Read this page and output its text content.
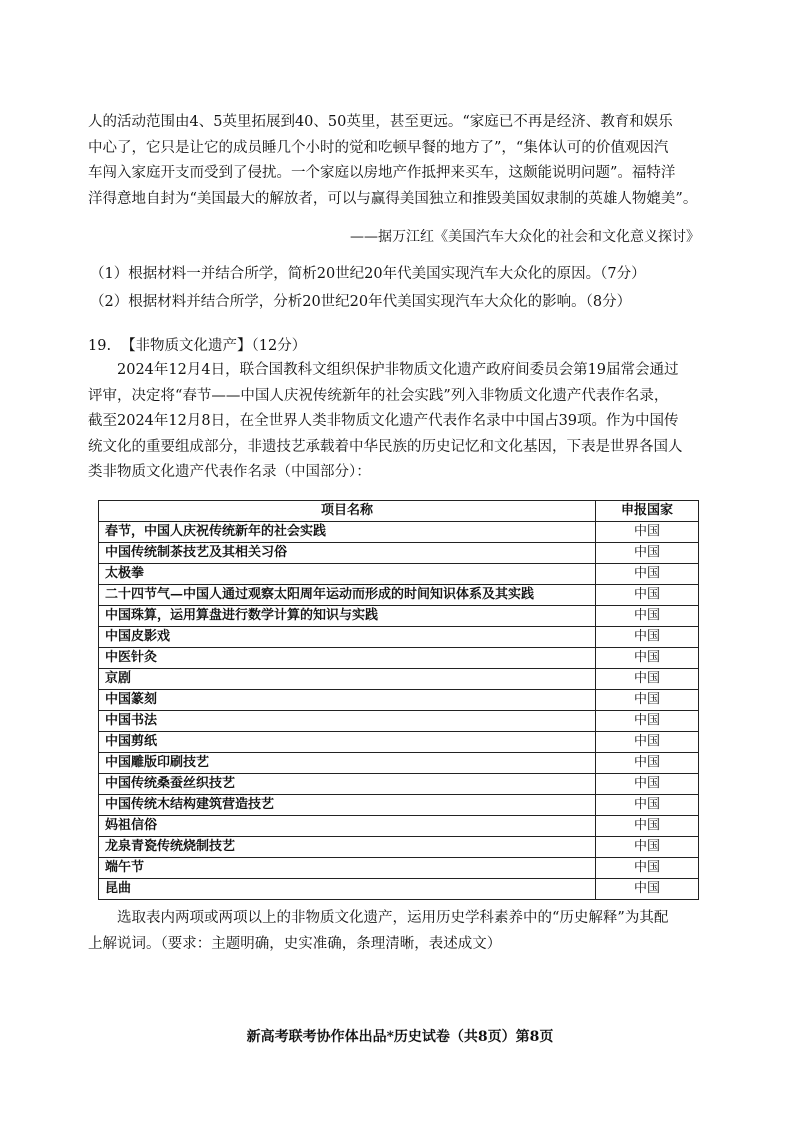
人的活动范围由4、5英里拓展到40、50英里，甚至更远。“家庭已不再是经济、教育和娱乐
中心了，它只是让它的成员睡几个小时的觉和吃顿早餐的地方了”，“集体认可的价值观因汽
车闯入家庭开支而受到了侵扰。一个家庭以房地产作抵押来买车，这颇能说明问题”。福特洋
洋得意地自封为“美国最大的解放者，可以与赢得美国独立和推毁美国奴隶制的英雄人物媲美”。
——据万江红《美国汽车大众化的社会和文化意义探讨》
（1）根据材料一并结合所学，简析20世纪20年代美国实现汽车大众化的原因。（7分）
（2）根据材料并结合所学，分析20世纪20年代美国实现汽车大众化的影响。（8分）
19. 【非物质文化遗产】（12分）
　　2024年12月4日，联合国教科文组织保护非物质文化遗产政府间委员会第19届常会通过
评审，决定将“春节——中国人庆祝传统新年的社会实践”列入非物质文化遗产代表作名录，
截至2024年12月8日，在全世界人类非物质文化遗产代表作名录中中国占39项。作为中国传
统文化的重要组成部分，非遗技艺承载着中华民族的历史记忆和文化基因，下表是世界各国人
类非物质文化遗产代表作名录（中国部分）：
项目名称	申报国家
春节，中国人庆祝传统新年的社会实践	中国
中国传统制茶技艺及其相关习俗	中国
太极拳	中国
二十四节气—中国人通过观察太阳周年运动而形成的时间知识体系及其实践	中国
中国珠算，运用算盘进行数学计算的知识与实践	中国
中国皮影戏	中国
中医针灸	中国
京剧	中国
中国篆刻	中国
中国书法	中国
中国剪纸	中国
中国雕版印刷技艺	中国
中国传统桑蚕丝织技艺	中国
中国传统木结构建筑营造技艺	中国
妈祖信俗	中国
龙泉青瓷传统烧制技艺	中国
端午节	中国
昆曲	中国
　　选取表内两项或两项以上的非物质文化遗产，运用历史学科素养中的“历史解释”为其配
上解说词。（要求：主题明确，史实准确，条理清晰，表述成文）
新高考联考协作体出品*历史试卷（共8页）第8页
